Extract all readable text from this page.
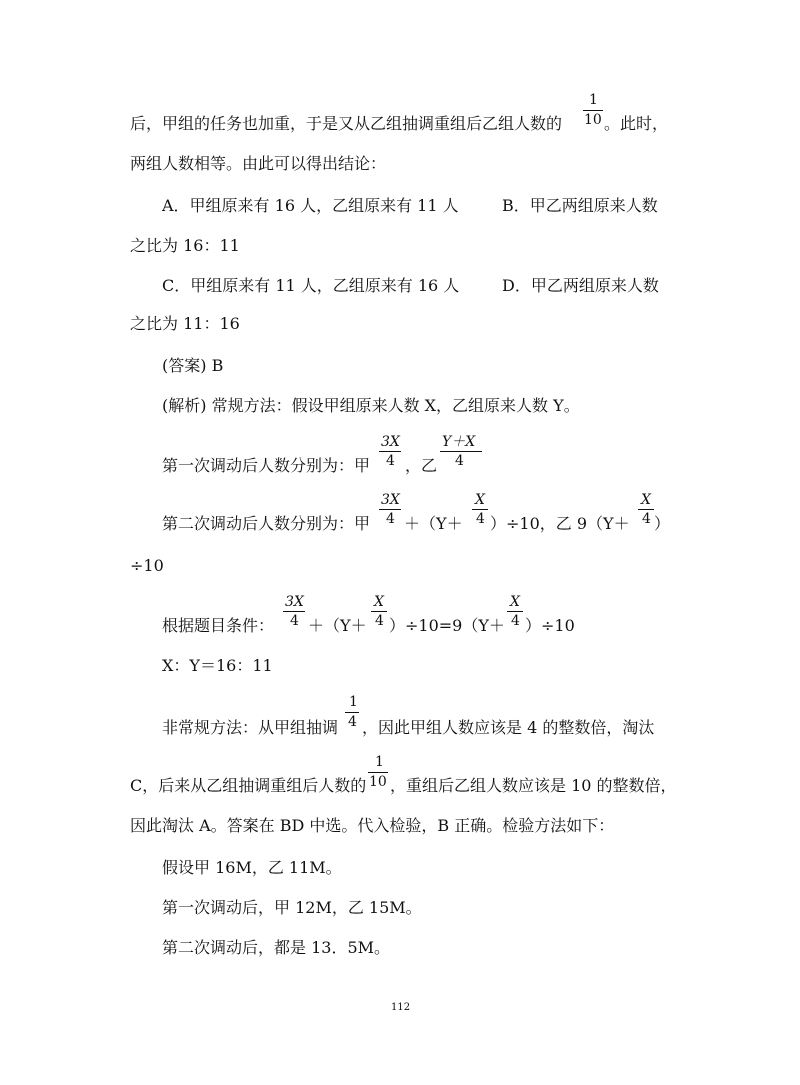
后，甲组的任务也加重，于是又从乙组抽调重组后乙组人数的
1
10 。此时，
两组人数相等。由此可以得出结论：
A．甲组原来有 16 人，乙组原来有 11 人	B．甲乙两组原来人数
之比为 16：11
C．甲组原来有 11 人，乙组原来有 16 人	D．甲乙两组原来人数
之比为 11：16
(答案) B
(解析) 常规方法：假设甲组原来人数 X，乙组原来人数 Y。
第一次调动后人数分别为：甲
3X
4 ，乙
Y＋X
4
第二次调动后人数分别为：甲
3X
4 ＋（Y＋
X
4 ）÷10，乙 9（Y＋
X
4 ）
÷10
根据题目条件：
3X
4 ＋（Y＋
X
4 ）÷10=9（Y＋
X
4 ）÷10
X：Y＝16：11
非常规方法：从甲组抽调
1
4 ，因此甲组人数应该是 4 的整数倍，淘汰
C，后来从乙组抽调重组后人数的
1
10 ，重组后乙组人数应该是 10 的整数倍，
因此淘汰 A。答案在 BD 中选。代入检验，B 正确。检验方法如下：
假设甲 16M，乙 11M。
第一次调动后，甲 12M，乙 15M。
第二次调动后，都是 13．5M。
112
